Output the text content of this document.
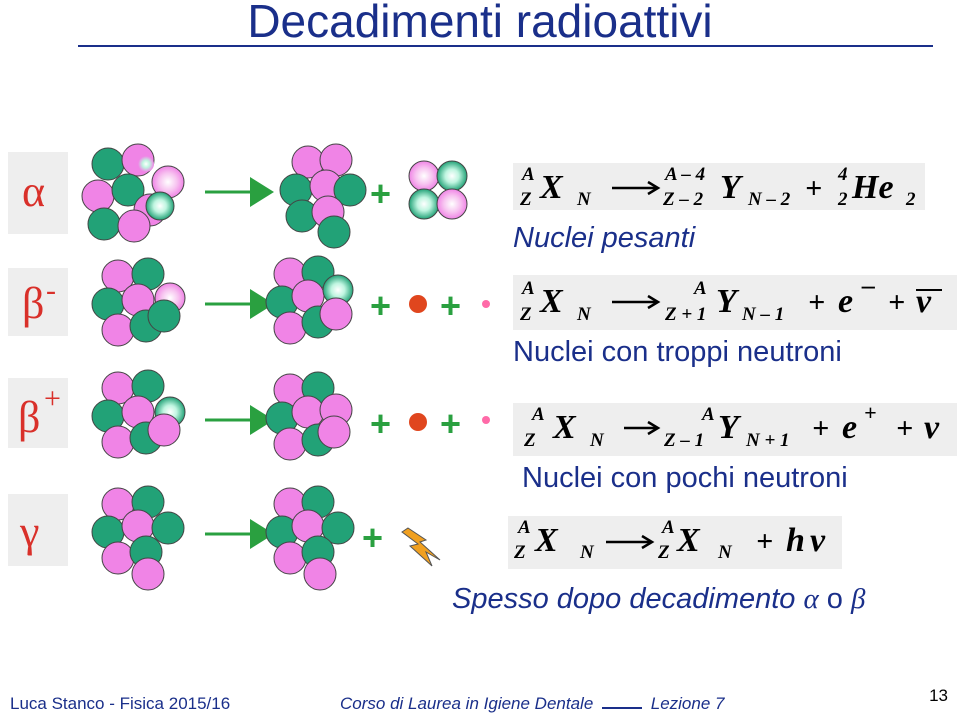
Decadimenti radioattivi
α
β -
β +
γ
A
Z X N
A – 4
Z – 2 Y N – 2 + 4
2 He 2
A
Z X N
A
Z + 1 Y N – 1 + e –
+ ν
A
Z X N
A
Z – 1 Y N + 1 + e + + ν
A
Z X N
A
Z X N + h ν
+
+ +
+ +
+
Nuclei pesanti
Nuclei con troppi neutroni
Nuclei con pochi neutroni
Spesso dopo decadimento α o β
Luca Stanco - Fisica 2015/16	Corso di Laurea in Igiene Dentale	Lezione 7	13
